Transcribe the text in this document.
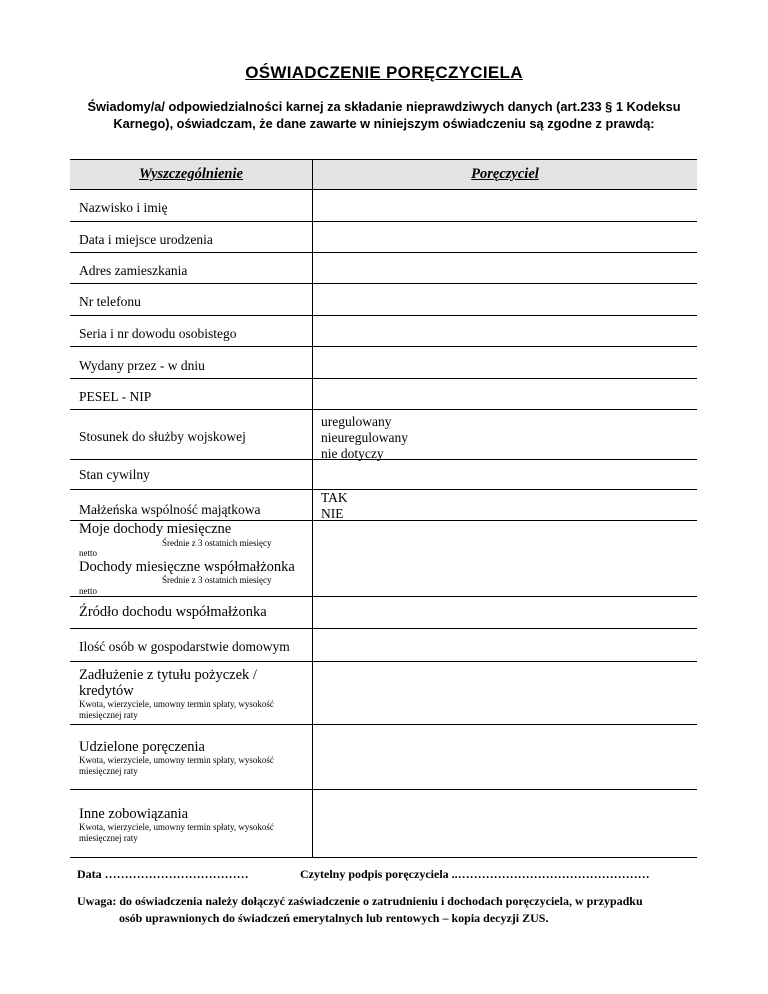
OŚWIADCZENIE PORĘCZYCIELA
Świadomy/a/ odpowiedzialności karnej za składanie nieprawdziwych danych (art.233 § 1 Kodeksu Karnego), oświadczam, że dane zawarte w niniejszym oświadczeniu są zgodne z prawdą:
Wyszczególnienie	Poręczyciel
Nazwisko i imię
Data i miejsce urodzenia
Adres zamieszkania
Nr telefonu
Seria i nr dowodu osobistego
Wydany przez - w dniu
PESEL - NIP
Stosunek do służby wojskowej
uregulowany
nieuregulowany
nie dotyczy
Stan cywilny
Małżeńska wspólność majątkowa
TAK
NIE
Moje dochody miesięczne
Średnie z 3 ostatnich miesięcy
netto
Dochody miesięczne współmałżonka
Średnie z 3 ostatnich miesięcy
netto
Źródło dochodu współmałżonka
Ilość osób w gospodarstwie domowym
Zadłużenie z tytułu pożyczek /
kredytów
Kwota, wierzyciele, umowny termin spłaty, wysokość
miesięcznej raty
Udzielone poręczenia
Kwota, wierzyciele, umowny termin spłaty, wysokość
miesięcznej raty
Inne zobowiązania
Kwota, wierzyciele, umowny termin spłaty, wysokość
miesięcznej raty
Data ………………………………	Czytelny podpis poręczyciela ..…………………………………………
Uwaga: do oświadczenia należy dołączyć zaświadczenie o zatrudnieniu i dochodach poręczyciela, w przypadku
osób uprawnionych do świadczeń emerytalnych lub rentowych – kopia decyzji ZUS.
